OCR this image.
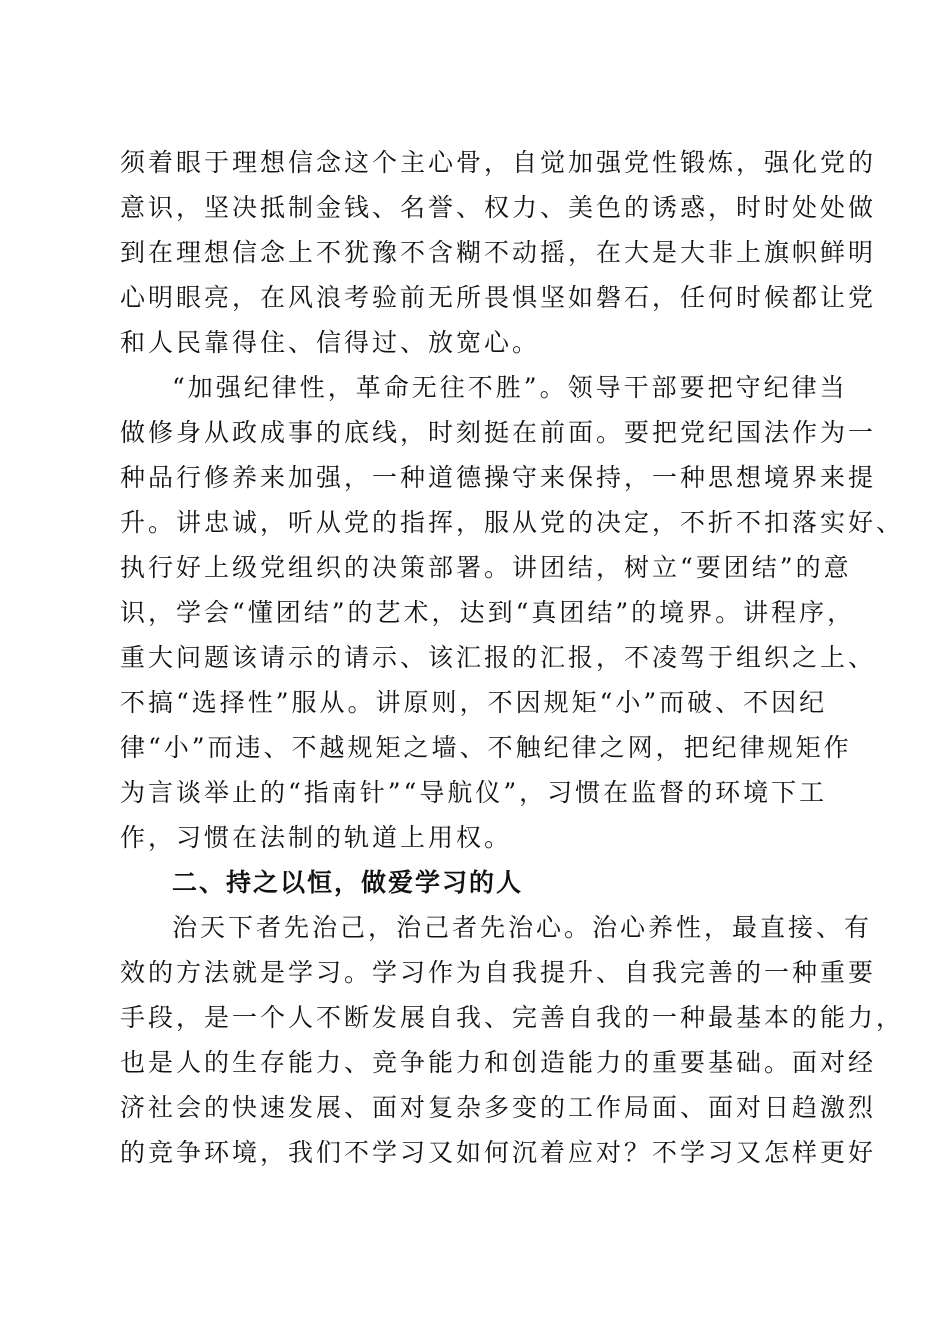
须着眼于理想信念这个主心骨，自觉加强党性锻炼，强化党的
意识，坚决抵制金钱、名誉、权力、美色的诱惑，时时处处做
到在理想信念上不犹豫不含糊不动摇，在大是大非上旗帜鲜明
心明眼亮，在风浪考验前无所畏惧坚如磐石，任何时候都让党
和人民靠得住、信得过、放宽心。
“加强纪律性，革命无往不胜”。领导干部要把守纪律当
做修身从政成事的底线，时刻挺在前面。要把党纪国法作为一
种品行修养来加强，一种道德操守来保持，一种思想境界来提
升。讲忠诚，听从党的指挥，服从党的决定，不折不扣落实好、
执行好上级党组织的决策部署。讲团结，树立“要团结”的意
识，学会“懂团结”的艺术，达到“真团结”的境界。讲程序，
重大问题该请示的请示、该汇报的汇报，不凌驾于组织之上、
不搞“选择性”服从。讲原则，不因规矩“小”而破、不因纪
律“小”而违、不越规矩之墙、不触纪律之网，把纪律规矩作
为言谈举止的“指南针”“导航仪”，习惯在监督的环境下工
作，习惯在法制的轨道上用权。
二、持之以恒，做爱学习的人
治天下者先治己，治己者先治心。治心养性，最直接、有
效的方法就是学习。学习作为自我提升、自我完善的一种重要
手段，是一个人不断发展自我、完善自我的一种最基本的能力，
也是人的生存能力、竞争能力和创造能力的重要基础。面对经
济社会的快速发展、面对复杂多变的工作局面、面对日趋激烈
的竞争环境，我们不学习又如何沉着应对？不学习又怎样更好
